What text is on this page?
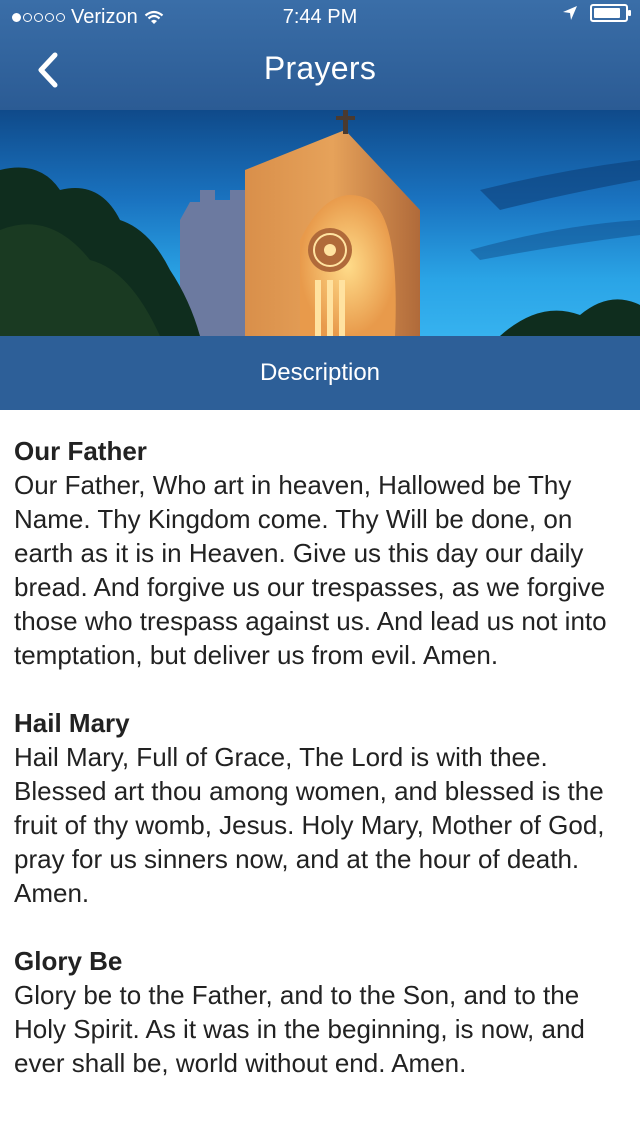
Verizon	7:44 PM
Prayers
Description
Our Father

Our Father, Who art in heaven, Hallowed be Thy Name. Thy Kingdom come. Thy Will be done, on earth as it is in Heaven. Give us this day our daily bread. And forgive us our trespasses, as we forgive those who trespass against us. And lead us not into temptation, but deliver us from evil. Amen.

Hail Mary

Hail Mary, Full of Grace, The Lord is with thee. Blessed art thou among women, and blessed is the fruit of thy womb, Jesus. Holy Mary, Mother of God, pray for us sinners now, and at the hour of death. Amen.

Glory Be

Glory be to the Father, and to the Son, and to the Holy Spirit. As it was in the beginning, is now, and ever shall be, world without end. Amen.
